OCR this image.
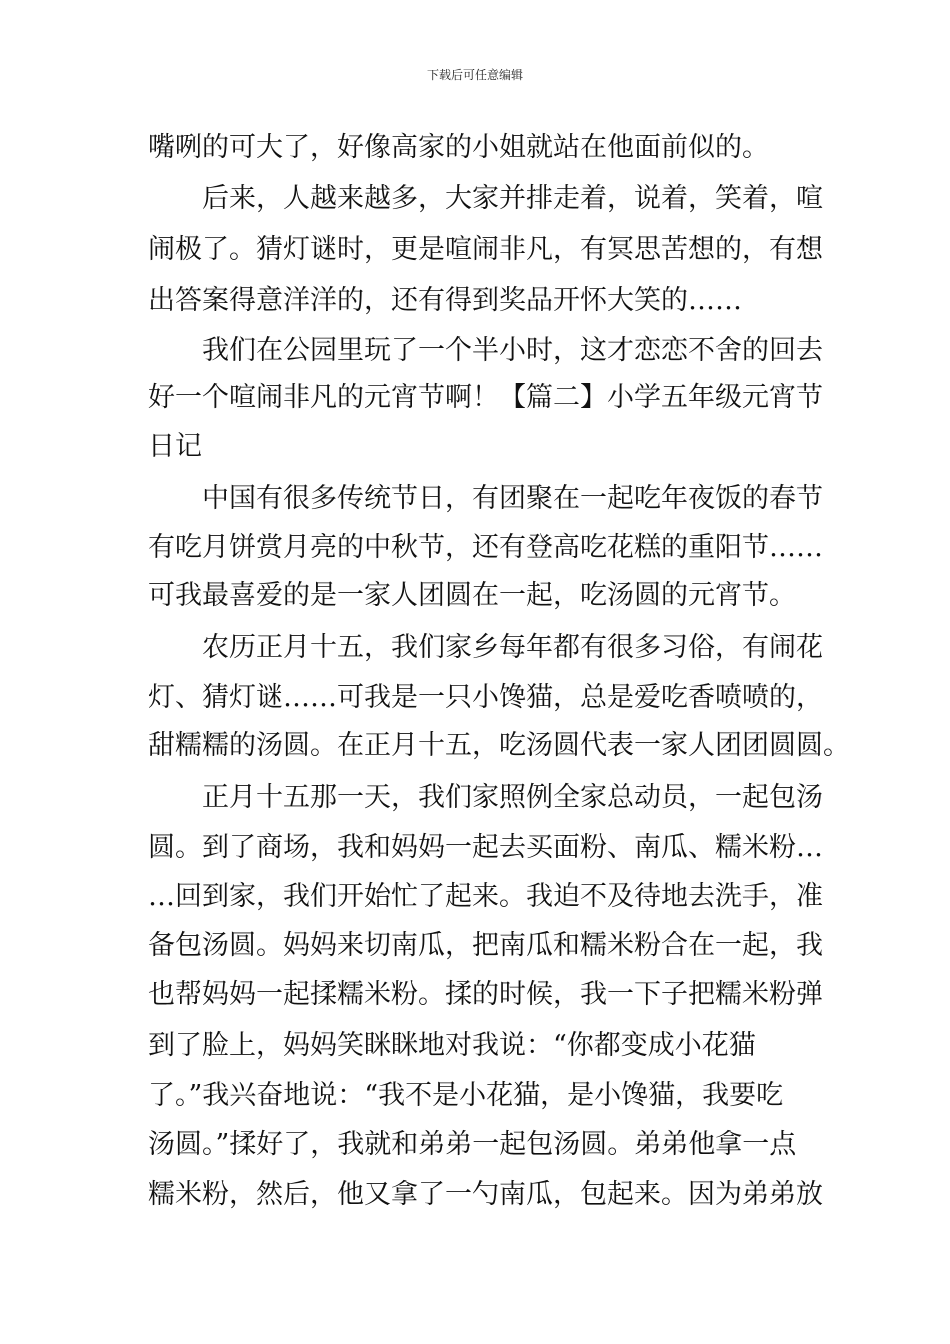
下载后可任意编辑
嘴咧的可大了，好像高家的小姐就站在他面前似的。
　　后来，人越来越多，大家并排走着，说着，笑着，喧
闹极了。猜灯谜时，更是喧闹非凡，有冥思苦想的，有想
出答案得意洋洋的，还有得到奖品开怀大笑的……
　　我们在公园里玩了一个半小时，这才恋恋不舍的回去
好一个喧闹非凡的元宵节啊！【篇二】小学五年级元宵节
日记
　　中国有很多传统节日，有团聚在一起吃年夜饭的春节
有吃月饼赏月亮的中秋节，还有登高吃花糕的重阳节……
可我最喜爱的是一家人团圆在一起，吃汤圆的元宵节。
　　农历正月十五，我们家乡每年都有很多习俗，有闹花
灯、猜灯谜……可我是一只小馋猫，总是爱吃香喷喷的，
甜糯糯的汤圆。在正月十五，吃汤圆代表一家人团团圆圆。
　　正月十五那一天，我们家照例全家总动员，一起包汤
圆。到了商场，我和妈妈一起去买面粉、南瓜、糯米粉…
…回到家，我们开始忙了起来。我迫不及待地去洗手，准
备包汤圆。妈妈来切南瓜，把南瓜和糯米粉合在一起，我
也帮妈妈一起揉糯米粉。揉的时候，我一下子把糯米粉弹
到了脸上，妈妈笑眯眯地对我说：“你都变成小花猫
了。”我兴奋地说：“我不是小花猫，是小馋猫，我要吃
汤圆。”揉好了，我就和弟弟一起包汤圆。弟弟他拿一点
糯米粉，然后，他又拿了一勺南瓜，包起来。因为弟弟放
